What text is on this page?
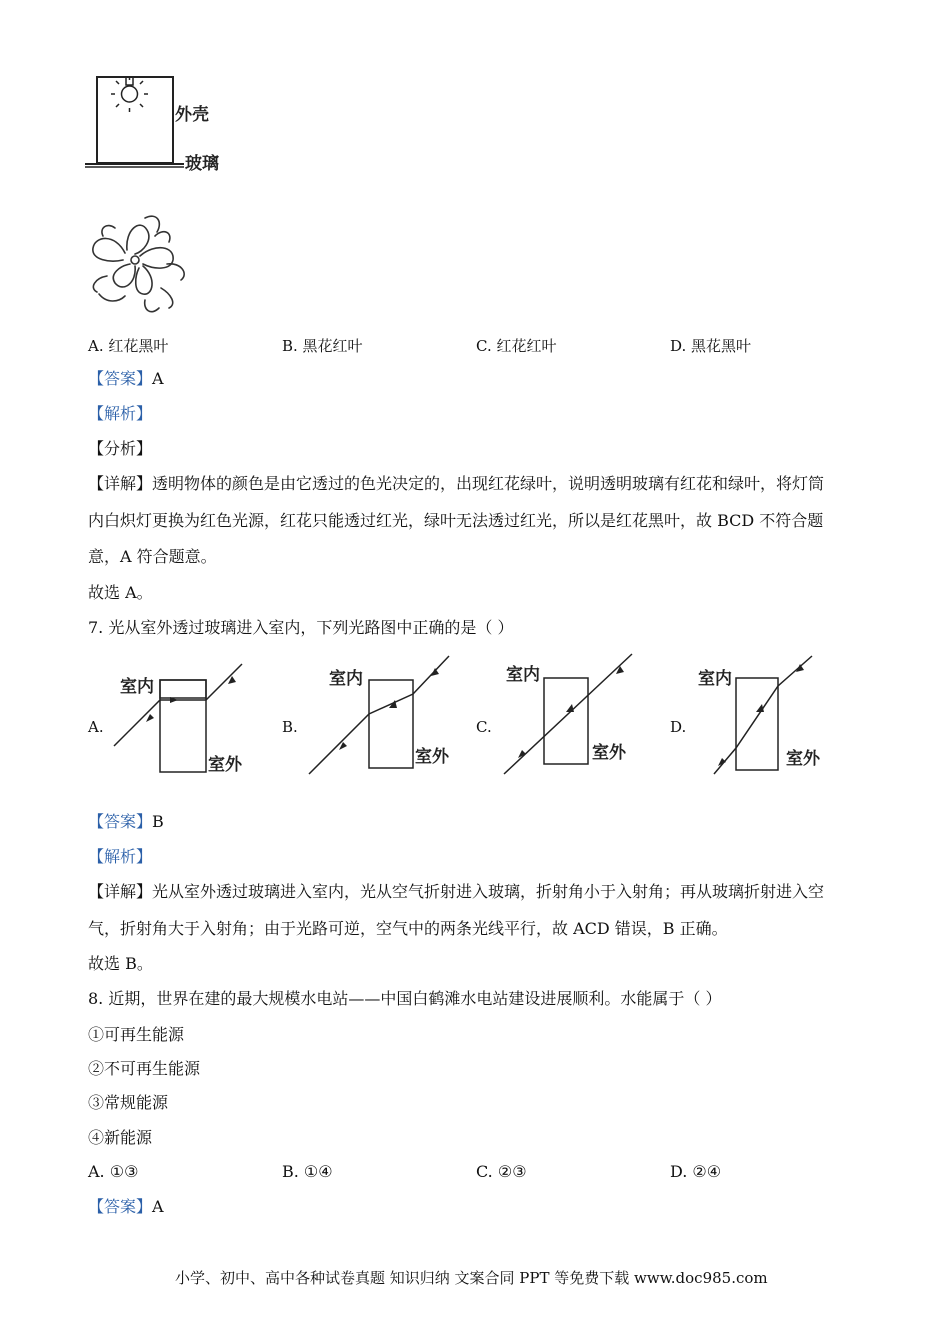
外壳
玻璃
A. 红花黑叶	B. 黑花红叶	C. 红花红叶	D. 黑花黑叶
【答案】A
【解析】
【分析】
【详解】透明物体的颜色是由它透过的色光决定的，出现红花绿叶，说明透明玻璃有红花和绿叶，将灯筒
内白炽灯更换为红色光源，红花只能透过红光，绿叶无法透过红光，所以是红花黑叶，故 BCD 不符合题
意，A 符合题意。
故选 A。
7. 光从室外透过玻璃进入室内，下列光路图中正确的是（ ）
A.
室内
室外
B.
室内
室外
C.
室内
室外
D.
室内
室外
【答案】B
【解析】
【详解】光从室外透过玻璃进入室内，光从空气折射进入玻璃，折射角小于入射角；再从玻璃折射进入空
气，折射角大于入射角；由于光路可逆，空气中的两条光线平行，故 ACD 错误，B 正确。
故选 B。
8. 近期，世界在建的最大规模水电站——中国白鹤滩水电站建设进展顺利。水能属于（ ）
①可再生能源
②不可再生能源
③常规能源
④新能源
A. ①③	B. ①④	C. ②③	D. ②④
【答案】A
小学、初中、高中各种试卷真题 知识归纳 文案合同 PPT 等免费下载 www.doc985.com
